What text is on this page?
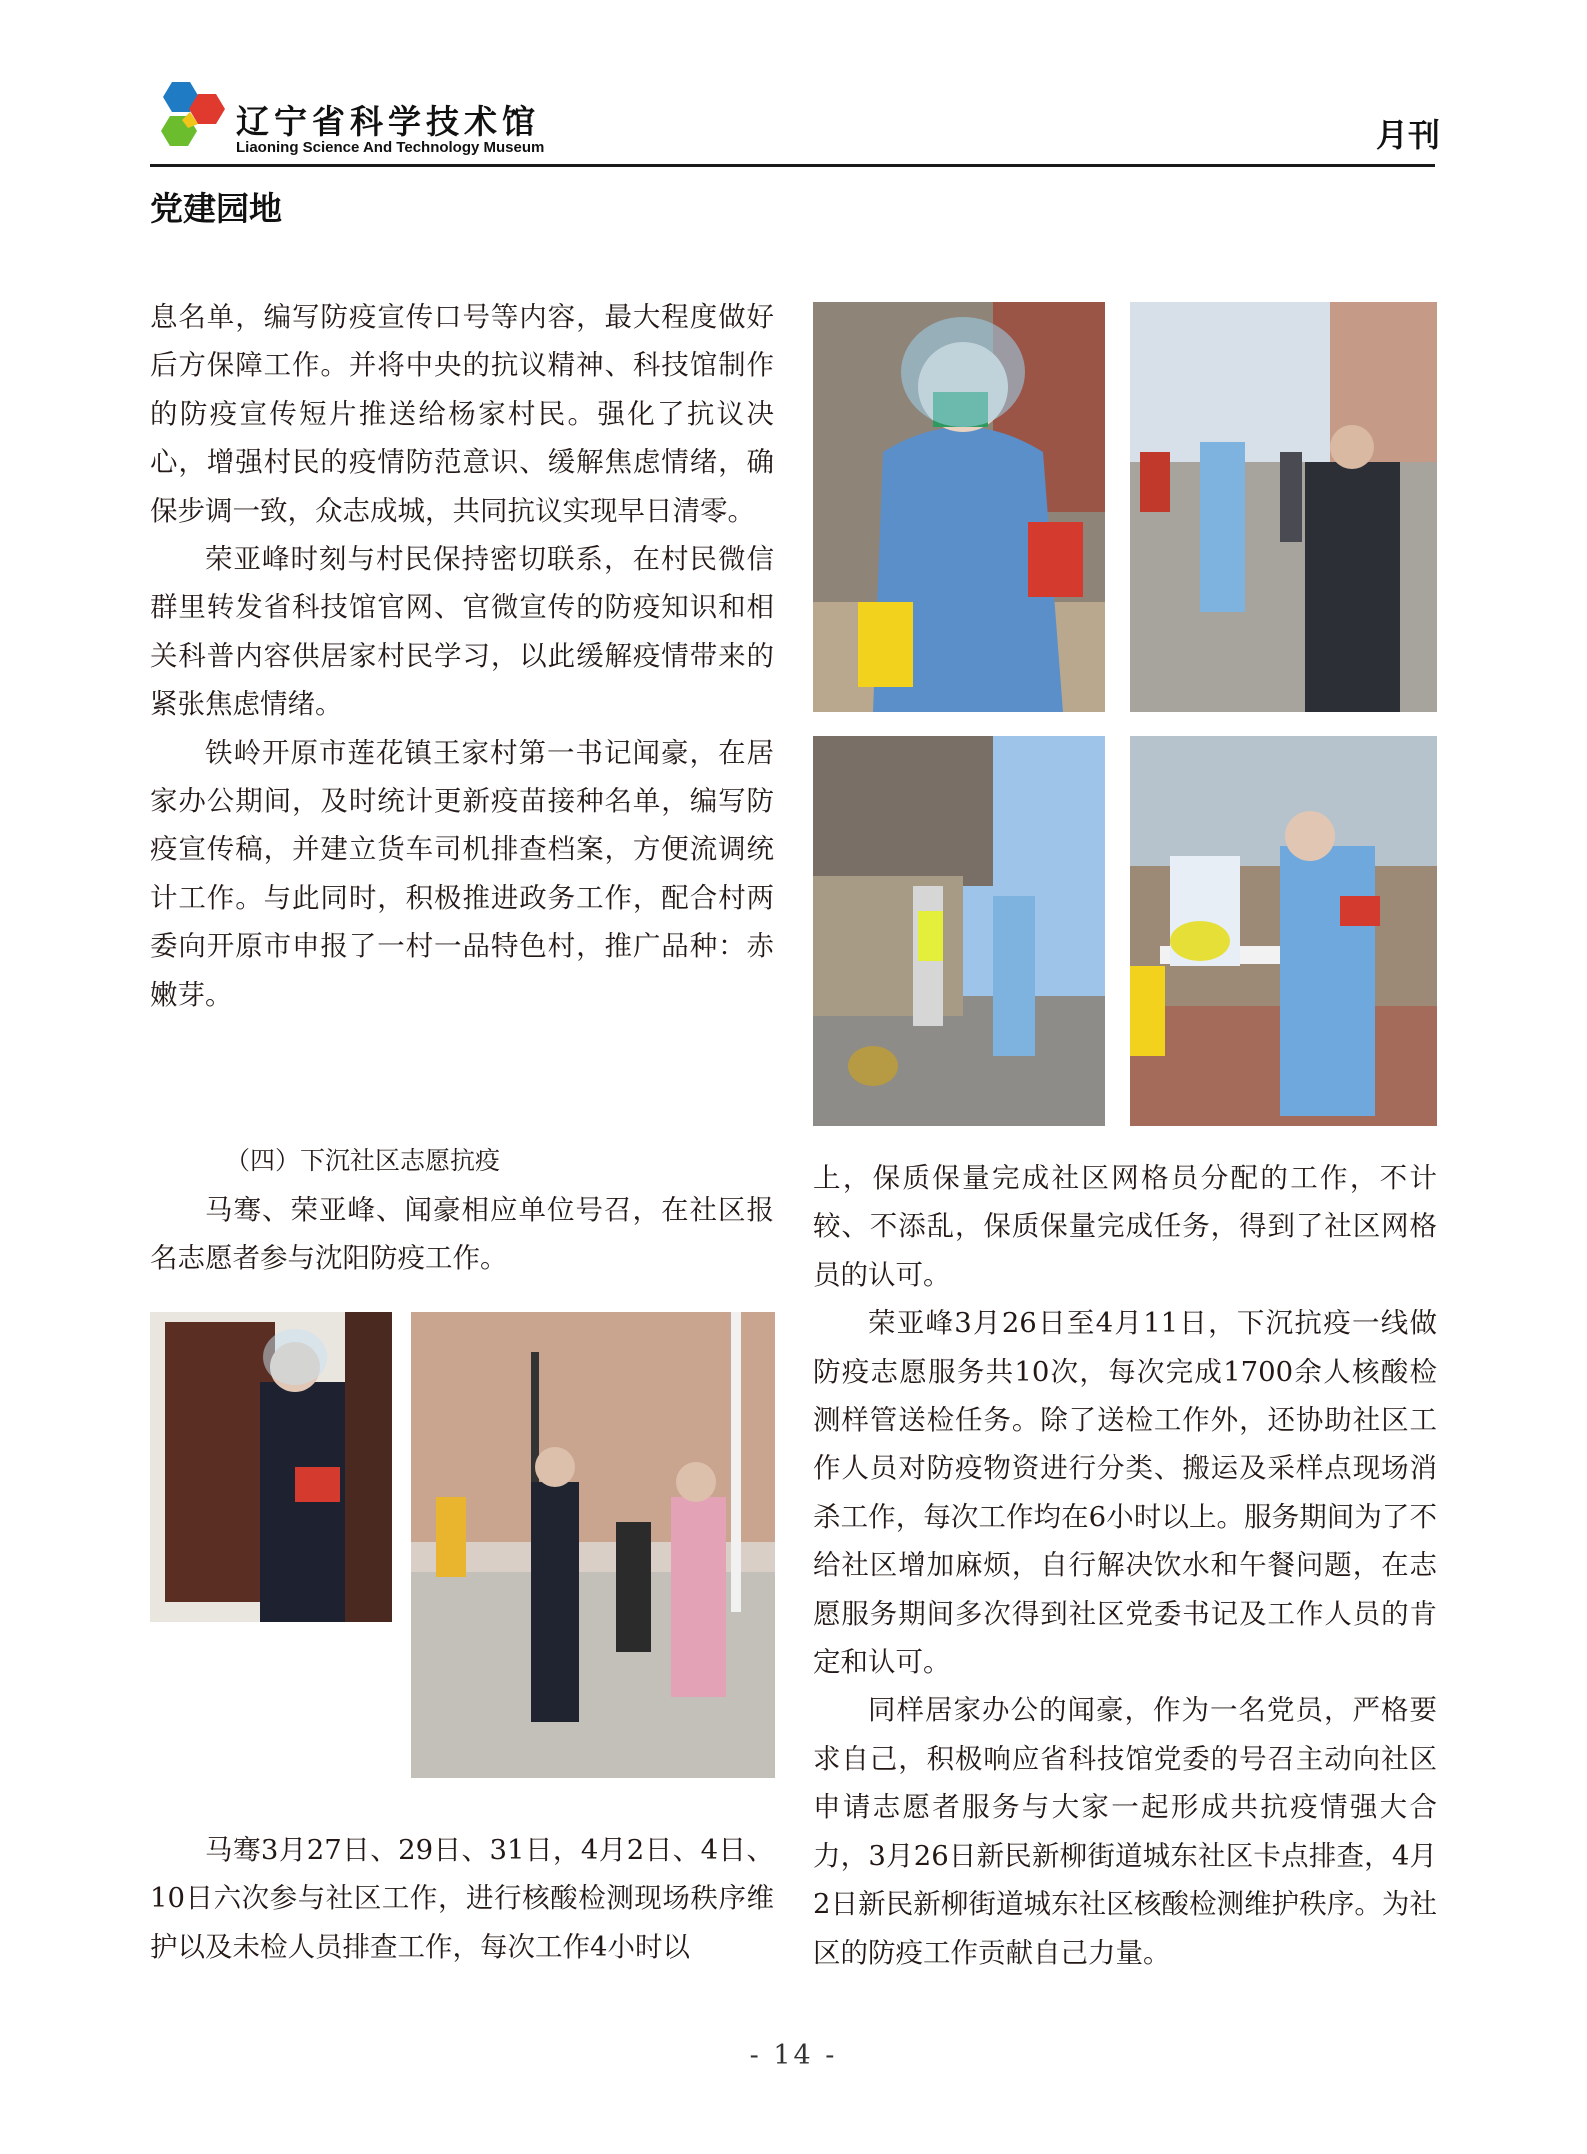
辽宁省科学技术馆
Liaoning Science And Technology Museum	月刊
党建园地

息名单，编写防疫宣传口号等内容，最大程度做好后方保障工作。并将中央的抗议精神、科技馆制作的防疫宣传短片推送给杨家村民。强化了抗议决心，增强村民的疫情防范意识、缓解焦虑情绪，确保步调一致，众志成城，共同抗议实现早日清零。

荣亚峰时刻与村民保持密切联系，在村民微信群里转发省科技馆官网、官微宣传的防疫知识和相关科普内容供居家村民学习，以此缓解疫情带来的紧张焦虑情绪。

铁岭开原市莲花镇王家村第一书记闻豪，在居家办公期间，及时统计更新疫苗接种名单，编写防疫宣传稿，并建立货车司机排查档案，方便流调统计工作。与此同时，积极推进政务工作，配合村两委向开原市申报了一村一品特色村，推广品种：赤嫩芽。

（四）下沉社区志愿抗疫

马骞、荣亚峰、闻豪相应单位号召，在社区报名志愿者参与沈阳防疫工作。

马骞3月27日、29日、31日，4月2日、4日、10日六次参与社区工作，进行核酸检测现场秩序维护以及未检人员排查工作，每次工作4小时以

上，保质保量完成社区网格员分配的工作，不计较、不添乱，保质保量完成任务，得到了社区网格员的认可。

荣亚峰3月26日至4月11日，下沉抗疫一线做防疫志愿服务共10次，每次完成1700余人核酸检测样管送检任务。除了送检工作外，还协助社区工作人员对防疫物资进行分类、搬运及采样点现场消杀工作，每次工作均在6小时以上。服务期间为了不给社区增加麻烦，自行解决饮水和午餐问题，在志愿服务期间多次得到社区党委书记及工作人员的肯定和认可。

同样居家办公的闻豪，作为一名党员，严格要求自己，积极响应省科技馆党委的号召主动向社区申请志愿者服务与大家一起形成共抗疫情强大合力，3月26日新民新柳街道城东社区卡点排查，4月2日新民新柳街道城东社区核酸检测维护秩序。为社区的防疫工作贡献自己力量。

- 14 -
